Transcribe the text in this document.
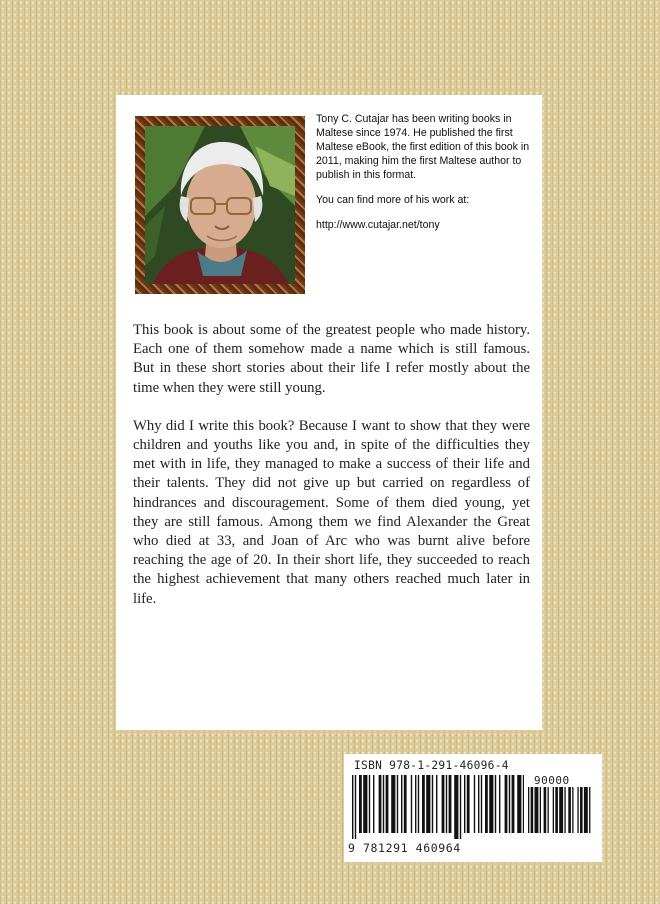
Tony C. Cutajar has been writing books in Maltese since 1974. He published the first Maltese eBook, the first edition of this book in 2011, making him the first Maltese author to publish in this format.

You can find more of his work at:

http://www.cutajar.net/tony

This book is about some of the greatest people who made history. Each one of them somehow made a name which is still famous. But in these short stories about their life I refer mostly about the time when they were still young.

Why did I write this book? Because I want to show that they were children and youths like you and, in spite of the difficulties they met with in life, they managed to make a success of their life and their talents. They did not give up but carried on regardless of hindrances and discouragement. Some of them died young, yet they are still famous. Among them we find Alexander the Great who died at 33, and Joan of Arc who was burnt alive before reaching the age of 20. In their short life, they succeeded to reach the highest achievement that many others reached much later in life.

ISBN 978-1-291-46096-4
90000
9 781291 460964
